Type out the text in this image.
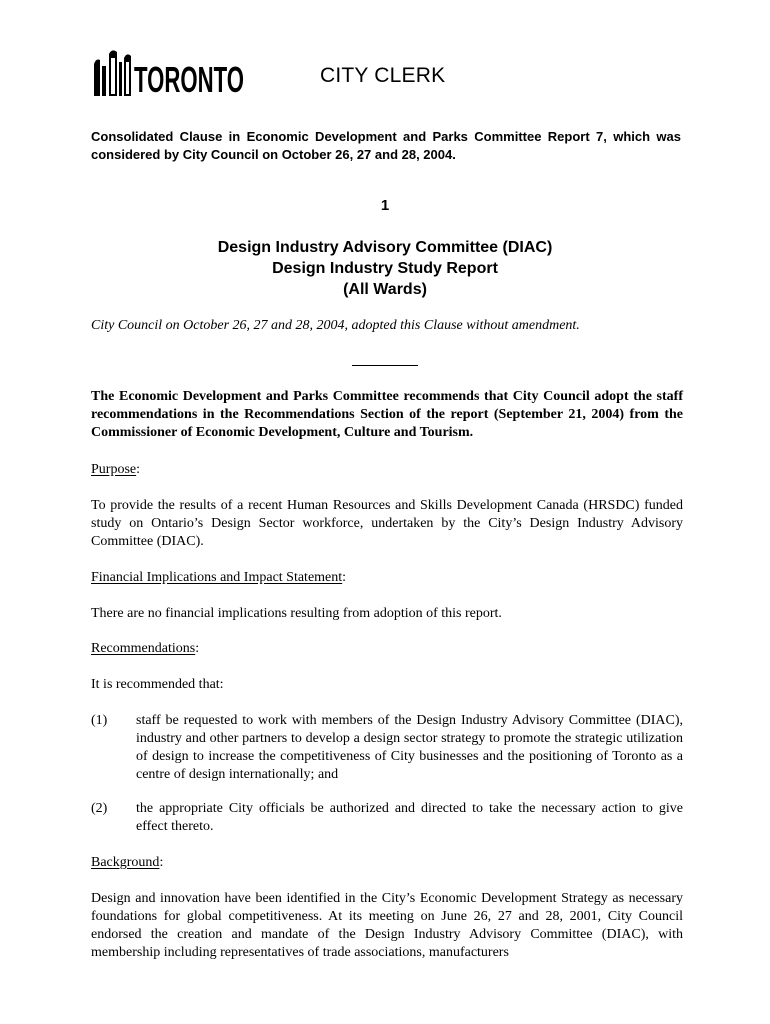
TORONTO	CITY CLERK
Consolidated Clause in Economic Development and Parks Committee Report 7, which was considered by City Council on October 26, 27 and 28, 2004.
1
Design Industry Advisory Committee (DIAC)
Design Industry Study Report
(All Wards)
City Council on October 26, 27 and 28, 2004, adopted this Clause without amendment.
The Economic Development and Parks Committee recommends that City Council adopt the staff recommendations in the Recommendations Section of the report (September 21, 2004) from the Commissioner of Economic Development, Culture and Tourism.
Purpose:
To provide the results of a recent Human Resources and Skills Development Canada (HRSDC) funded study on Ontario’s Design Sector workforce, undertaken by the City’s Design Industry Advisory Committee (DIAC).
Financial Implications and Impact Statement:
There are no financial implications resulting from adoption of this report.
Recommendations:
It is recommended that:
(1) staff be requested to work with members of the Design Industry Advisory Committee (DIAC), industry and other partners to develop a design sector strategy to promote the strategic utilization of design to increase the competitiveness of City businesses and the positioning of Toronto as a centre of design internationally; and
(2) the appropriate City officials be authorized and directed to take the necessary action to give effect thereto.
Background:
Design and innovation have been identified in the City’s Economic Development Strategy as necessary foundations for global competitiveness. At its meeting on June 26, 27 and 28, 2001, City Council endorsed the creation and mandate of the Design Industry Advisory Committee (DIAC), with membership including representatives of trade associations, manufacturers
